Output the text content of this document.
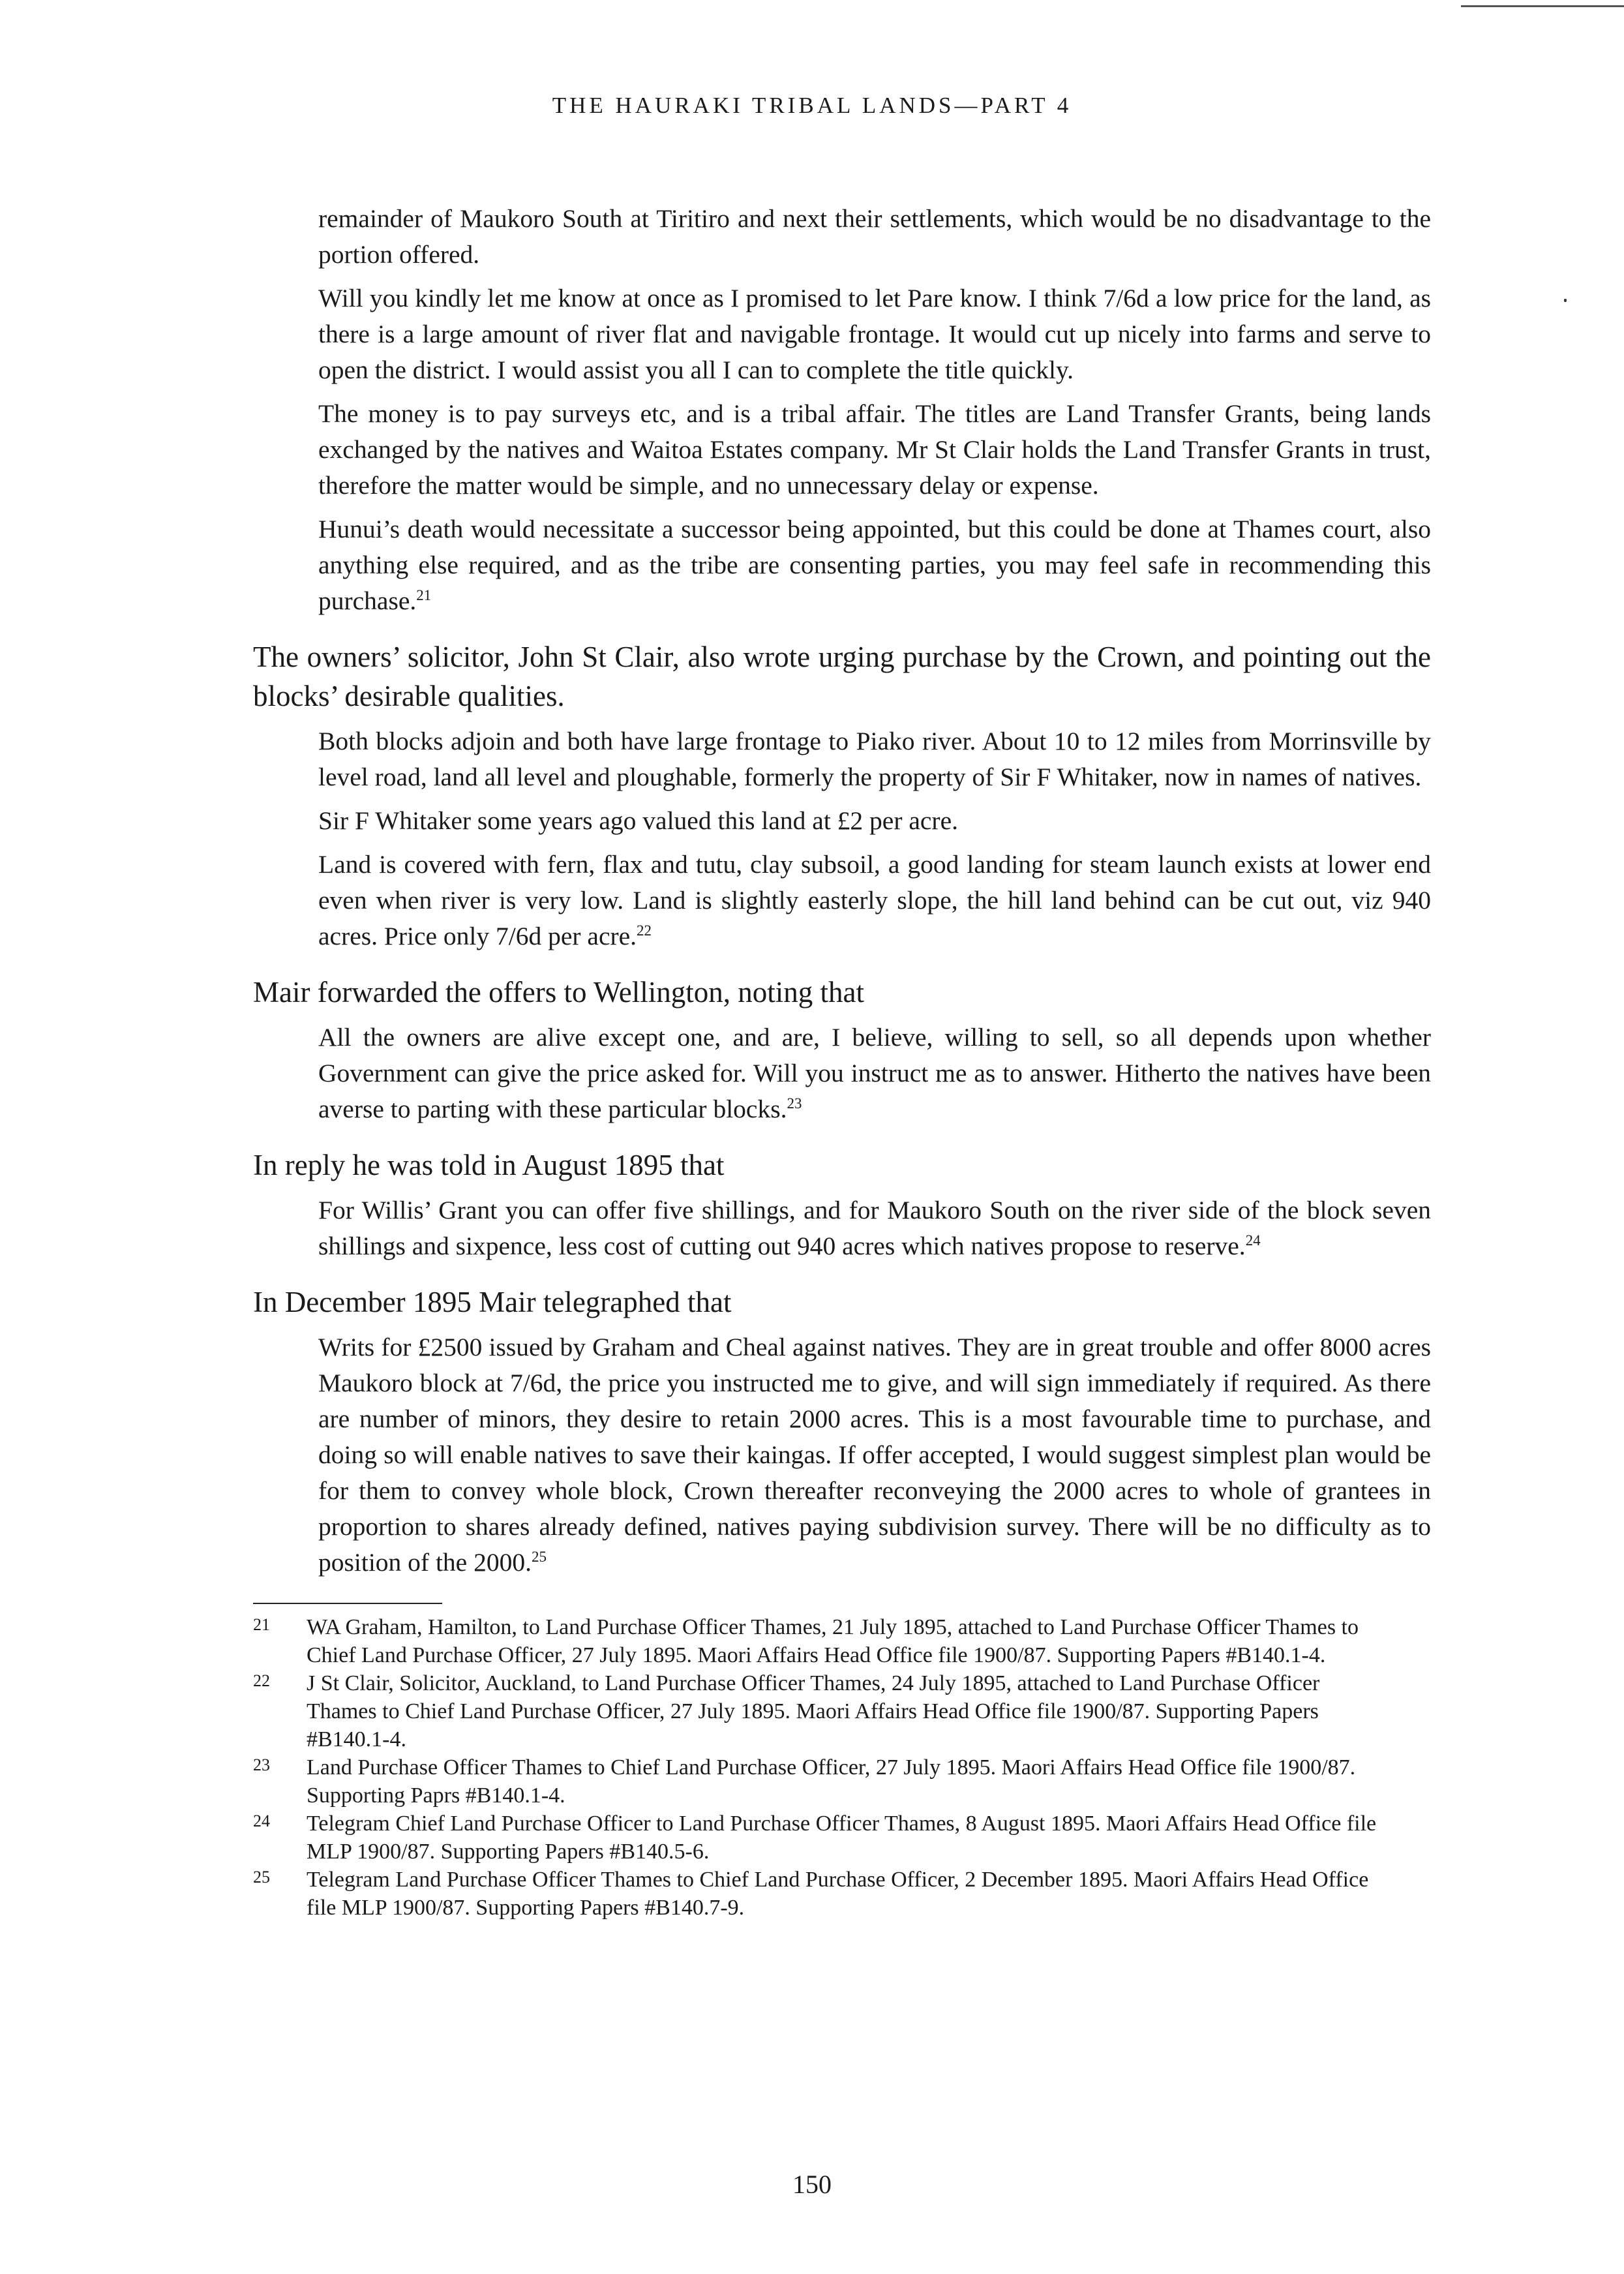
THE HAURAKI TRIBAL LANDS—PART 4

remainder of Maukoro South at Tiritiro and next their settlements, which would be no disadvantage to the portion offered.

Will you kindly let me know at once as I promised to let Pare know. I think 7/6d a low price for the land, as there is a large amount of river flat and navigable frontage. It would cut up nicely into farms and serve to open the district. I would assist you all I can to complete the title quickly.

The money is to pay surveys etc, and is a tribal affair. The titles are Land Transfer Grants, being lands exchanged by the natives and Waitoa Estates company. Mr St Clair holds the Land Transfer Grants in trust, therefore the matter would be simple, and no unnecessary delay or expense.

Hunui’s death would necessitate a successor being appointed, but this could be done at Thames court, also anything else required, and as the tribe are consenting parties, you may feel safe in recommending this purchase.$^{21}$

The owners’ solicitor, John St Clair, also wrote urging purchase by the Crown, and pointing out the blocks’ desirable qualities.

Both blocks adjoin and both have large frontage to Piako river. About 10 to 12 miles from Morrinsville by level road, land all level and ploughable, formerly the property of Sir F Whitaker, now in names of natives.

Sir F Whitaker some years ago valued this land at £2 per acre.

Land is covered with fern, flax and tutu, clay subsoil, a good landing for steam launch exists at lower end even when river is very low. Land is slightly easterly slope, the hill land behind can be cut out, viz 940 acres. Price only 7/6d per acre.$^{22}$

Mair forwarded the offers to Wellington, noting that

All the owners are alive except one, and are, I believe, willing to sell, so all depends upon whether Government can give the price asked for. Will you instruct me as to answer. Hitherto the natives have been averse to parting with these particular blocks.$^{23}$

In reply he was told in August 1895 that

For Willis’ Grant you can offer five shillings, and for Maukoro South on the river side of the block seven shillings and sixpence, less cost of cutting out 940 acres which natives propose to reserve.$^{24}$

In December 1895 Mair telegraphed that

Writs for £2500 issued by Graham and Cheal against natives. They are in great trouble and offer 8000 acres Maukoro block at 7/6d, the price you instructed me to give, and will sign immediately if required. As there are number of minors, they desire to retain 2000 acres. This is a most favourable time to purchase, and doing so will enable natives to save their kaingas. If offer accepted, I would suggest simplest plan would be for them to convey whole block, Crown thereafter reconveying the 2000 acres to whole of grantees in proportion to shares already defined, natives paying subdivision survey. There will be no difficulty as to position of the 2000.25

21	WA Graham, Hamilton, to Land Purchase Officer Thames, 21 July 1895, attached to Land Purchase Officer Thames to Chief Land Purchase Officer, 27 July 1895. Maori Affairs Head Office file 1900/87. Supporting Papers #B140.1-4.
22	J St Clair, Solicitor, Auckland, to Land Purchase Officer Thames, 24 July 1895, attached to Land Purchase Officer Thames to Chief Land Purchase Officer, 27 July 1895. Maori Affairs Head Office file 1900/87. Supporting Papers #B140.1-4.
23	Land Purchase Officer Thames to Chief Land Purchase Officer, 27 July 1895. Maori Affairs Head Office file 1900/87. Supporting Paprs #B140.1-4.
24	Telegram Chief Land Purchase Officer to Land Purchase Officer Thames, 8 August 1895. Maori Affairs Head Office file MLP 1900/87. Supporting Papers #B140.5-6.
25	Telegram Land Purchase Officer Thames to Chief Land Purchase Officer, 2 December 1895. Maori Affairs Head Office file MLP 1900/87. Supporting Papers #B140.7-9.
150
